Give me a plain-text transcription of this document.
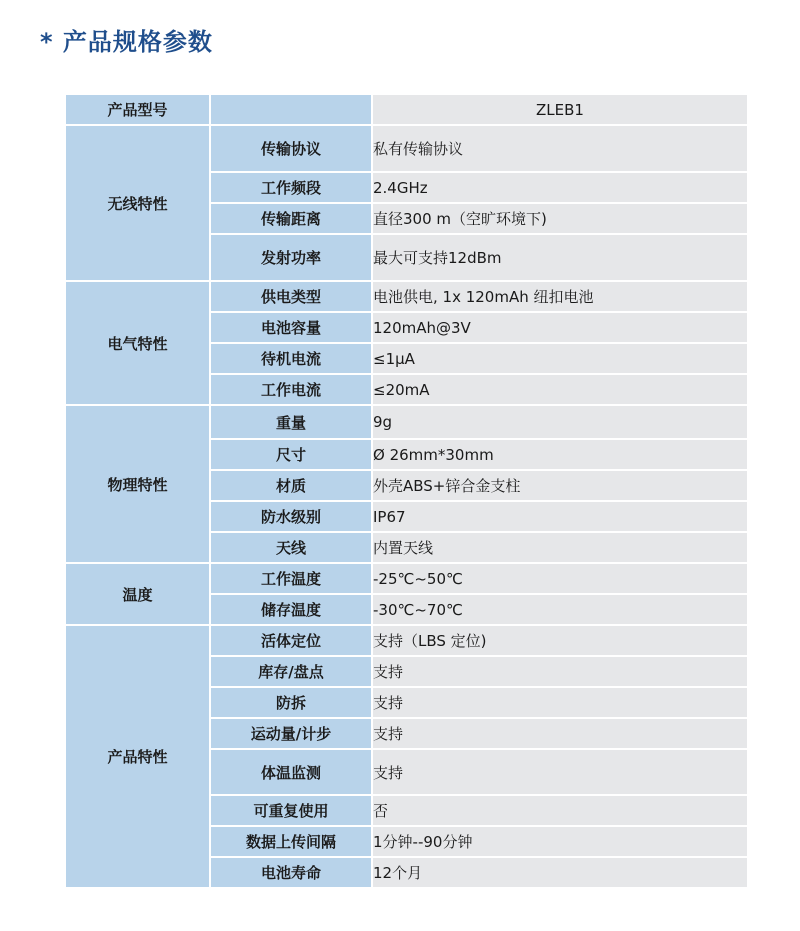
* 产品规格参数
产品型号		ZLEB1
无线特性	传输协议	私有传输协议
	工作频段	2.4GHz
	传输距离	直径300 m（空旷环境下)
	发射功率	最大可支持12dBm
电气特性	供电类型	电池供电, 1x 120mAh 纽扣电池
	电池容量	120mAh@3V
	待机电流	≤1μA
	工作电流	≤20mA
物理特性	重量	9g
	尺寸	Ø 26mm*30mm
	材质	外壳ABS+锌合金支柱
	防水级别	IP67
	天线	内置天线
温度	工作温度	-25℃~50℃
	储存温度	-30℃~70℃
产品特性	活体定位	支持（LBS 定位)
	库存/盘点	支持
	防拆	支持
	运动量/计步	支持
	体温监测	支持
	可重复使用	否
	数据上传间隔	1分钟--90分钟
	电池寿命	12个月
